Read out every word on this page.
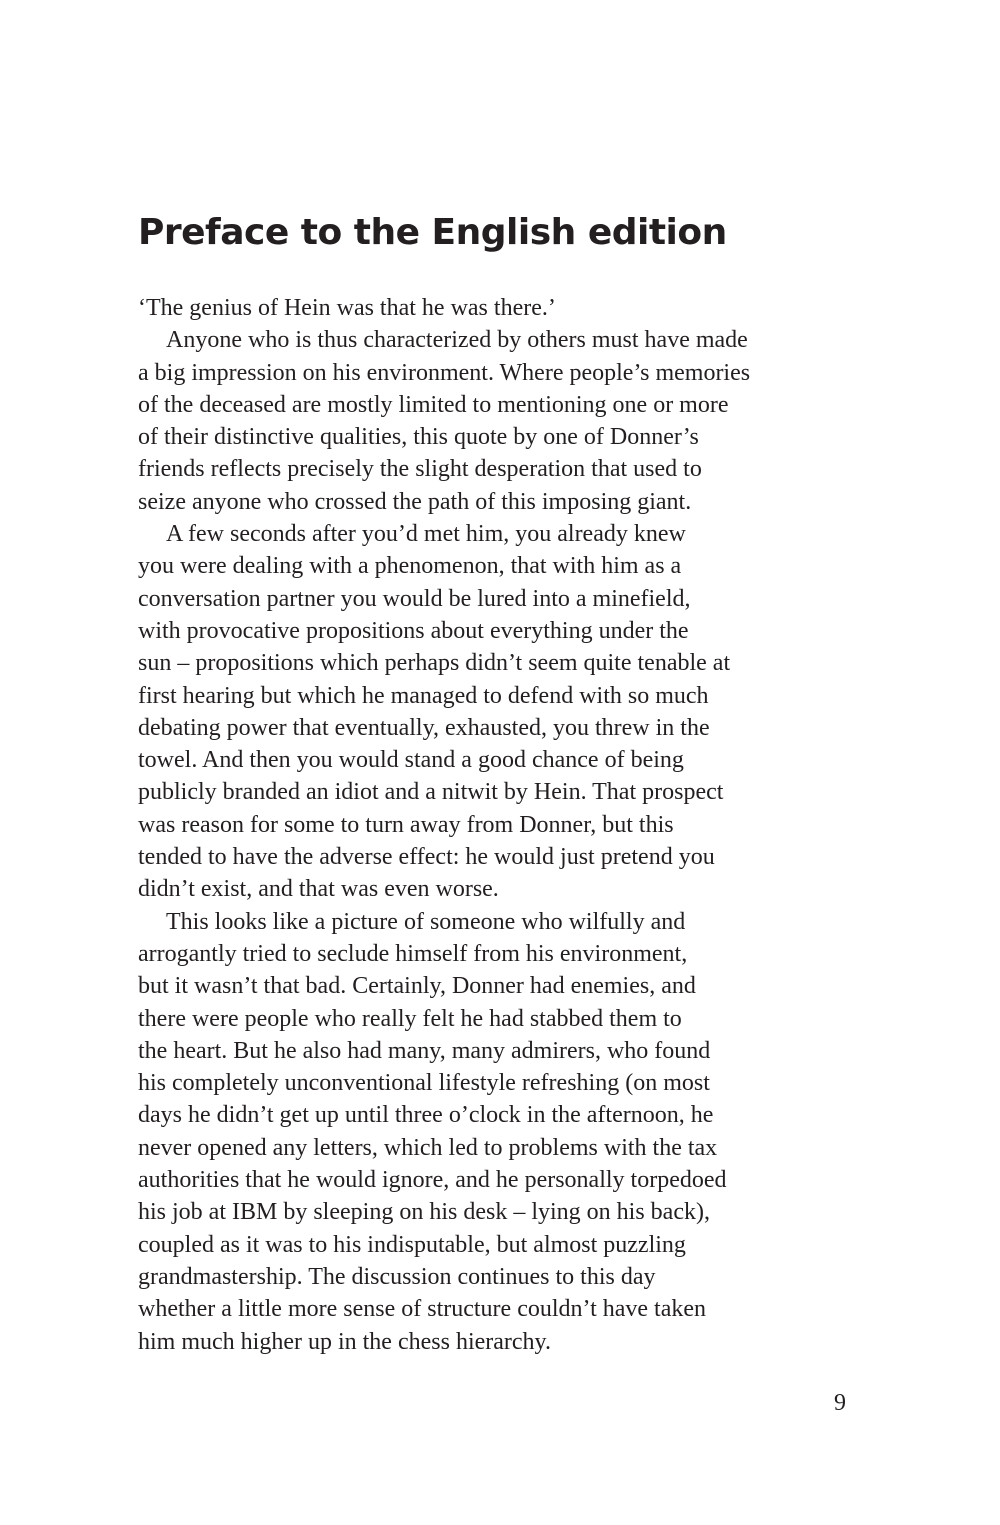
Preface to the English edition
‘The genius of Hein was that he was there.’
Anyone who is thus characterized by others must have made
a big impression on his environment. Where people’s memories
of the deceased are mostly limited to mentioning one or more
of their distinctive qualities, this quote by one of Donner’s
friends reflects precisely the slight desperation that used to
seize anyone who crossed the path of this imposing giant.
A few seconds after you’d met him, you already knew
you were dealing with a phenomenon, that with him as a
conversation partner you would be lured into a minefield,
with provocative propositions about everything under the
sun – propositions which perhaps didn’t seem quite tenable at
first hearing but which he managed to defend with so much
debating power that eventually, exhausted, you threw in the
towel. And then you would stand a good chance of being
publicly branded an idiot and a nitwit by Hein. That prospect
was reason for some to turn away from Donner, but this
tended to have the adverse effect: he would just pretend you
didn’t exist, and that was even worse.
This looks like a picture of someone who wilfully and
arrogantly tried to seclude himself from his environment,
but it wasn’t that bad. Certainly, Donner had enemies, and
there were people who really felt he had stabbed them to
the heart. But he also had many, many admirers, who found
his completely unconventional lifestyle refreshing (on most
days he didn’t get up until three o’clock in the afternoon, he
never opened any letters, which led to problems with the tax
authorities that he would ignore, and he personally torpedoed
his job at IBM by sleeping on his desk – lying on his back),
coupled as it was to his indisputable, but almost puzzling
grandmastership. The discussion continues to this day
whether a little more sense of structure couldn’t have taken
him much higher up in the chess hierarchy.
9
